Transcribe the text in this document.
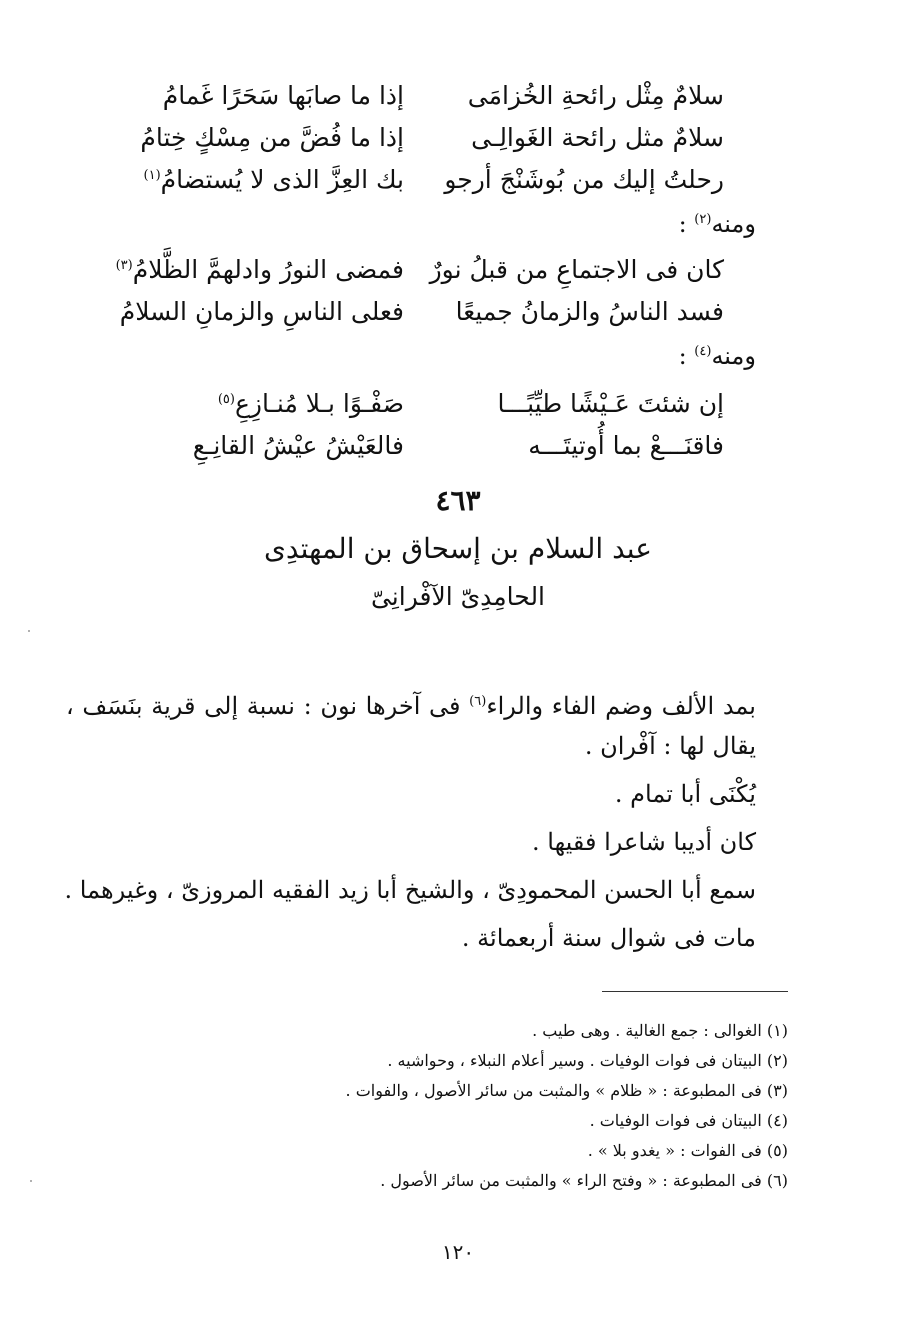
سلامٌ مِثْل رائحةِ الخُزامَى
إذا ما صابَها سَحَرًا غَمامُ
سلامٌ مثل رائحة الغَوالِـى
إذا ما فُضَّ من مِسْكٍ خِتامُ
رحلتُ إليك من بُوشَنْجَ أرجو
بك العِزَّ الذى لا يُستضامُ$^{(١)}$
ومنه$^{(٢)}$ :
كان فى الاجتماعِ من قبلُ نورٌ
فمضى النورُ وادلهمَّ الظَّلامُ$^{(٣)}$
فسد الناسُ والزمانُ جميعًا
فعلى الناسِ والزمانِ السلامُ
ومنه$^{(٤)}$ :
إن شئتَ عَـيْشًا طيِّبًـــا
صَفْـوًا بـلا مُنـازِعِ$^{(٥)}$
فاقنَـــعْ بما أُوتيتَـــه
فالعَيْشُ عيْشُ القانِـعِ
٤٦٣
عبد السلام بن إسحاق بن المهتدِى
الحامِدِىّ الآفْرانِىّ
بمد الألف وضم الفاء والراء$^{(٦)}$ فى آخرها نون : نسبة إلى قرية بنَسَف ، يقال لها : آفْران .
يُكْنَى أبا تمام .
كان أديبا شاعرا فقيها .
سمع أبا الحسن المحمودِىّ ، والشيخ أبا زيد الفقيه المروزىّ ، وغيرهما .
مات فى شوال سنة أربعمائة .
(١) الغوالى : جمع الغالية . وهى طيب .
(٢) البيتان فى فوات الوفيات . وسير أعلام النبلاء ، وحواشيه .
(٣) فى المطبوعة : « ظلام » والمثبت من سائر الأصول ، والفوات .
(٤) البيتان فى فوات الوفيات .
(٥) فى الفوات : « يغدو بلا » .
(٦) فى المطبوعة : « وفتح الراء » والمثبت من سائر الأصول .
١٢٠
